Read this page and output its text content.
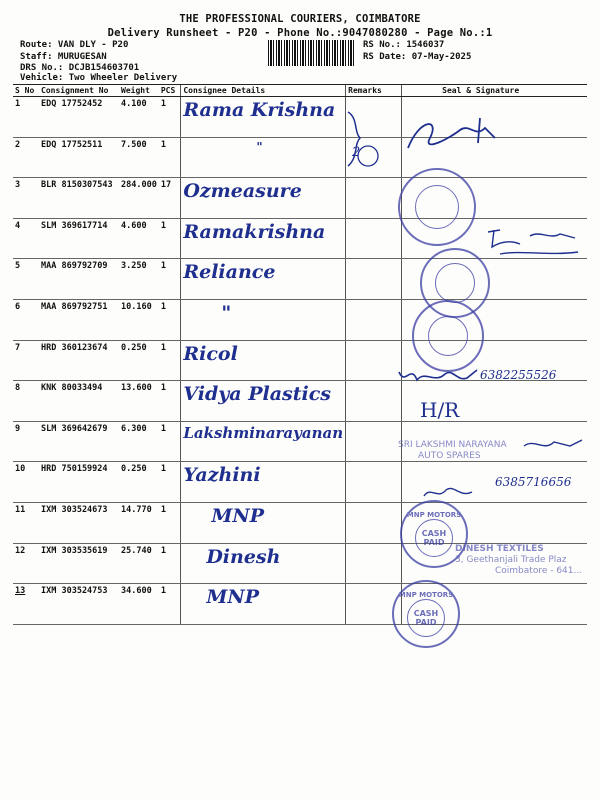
THE PROFESSIONAL COURIERS, COIMBATORE
Delivery Runsheet - P20 - Phone No.:9047080280 - Page No.:1
Route: VAN DLY - P20
Staff: MURUGESAN
DRS No.: DCJB154603701
Vehicle: Two Wheeler Delivery
RS No.: 1546037
RS Date: 07-May-2025
S No	Consignment No	Weight	PCS	Consignee Details	Remarks	Seal & Signature
1	EDQ 17752452	4.100	1	Rama Krishna		
2	EDQ 17752511	7.500	1	"		
3	BLR 8150307543	284.000	17	Ozmeasure		
4	SLM 369617714	4.600	1	Ramakrishna		
5	MAA 869792709	3.250	1	Reliance		
6	MAA 869792751	10.160	1	"		
7	HRD 360123674	0.250	1	Ricol		
8	KNK 80033494	13.600	1	Vidya Plastics		
9	SLM 369642679	6.300	1	Lakshminarayanan		
10	HRD 750159924	0.250	1	Yazhini		
11	IXM 303524673	14.770	1	MNP		
12	IXM 303535619	25.740	1	Dinesh		
13	IXM 303524753	34.600	1	MNP		
2
6382255526
H/R
6385716656
SRI LAKSHMI NARAYANA
AUTO SPARES
MNP MOTORS
CASH PAID
MNP MOTORS
CASH PAID
DINESH TEXTILES
3, Geethanjali Trade Plaz
Coimbatore - 641...
